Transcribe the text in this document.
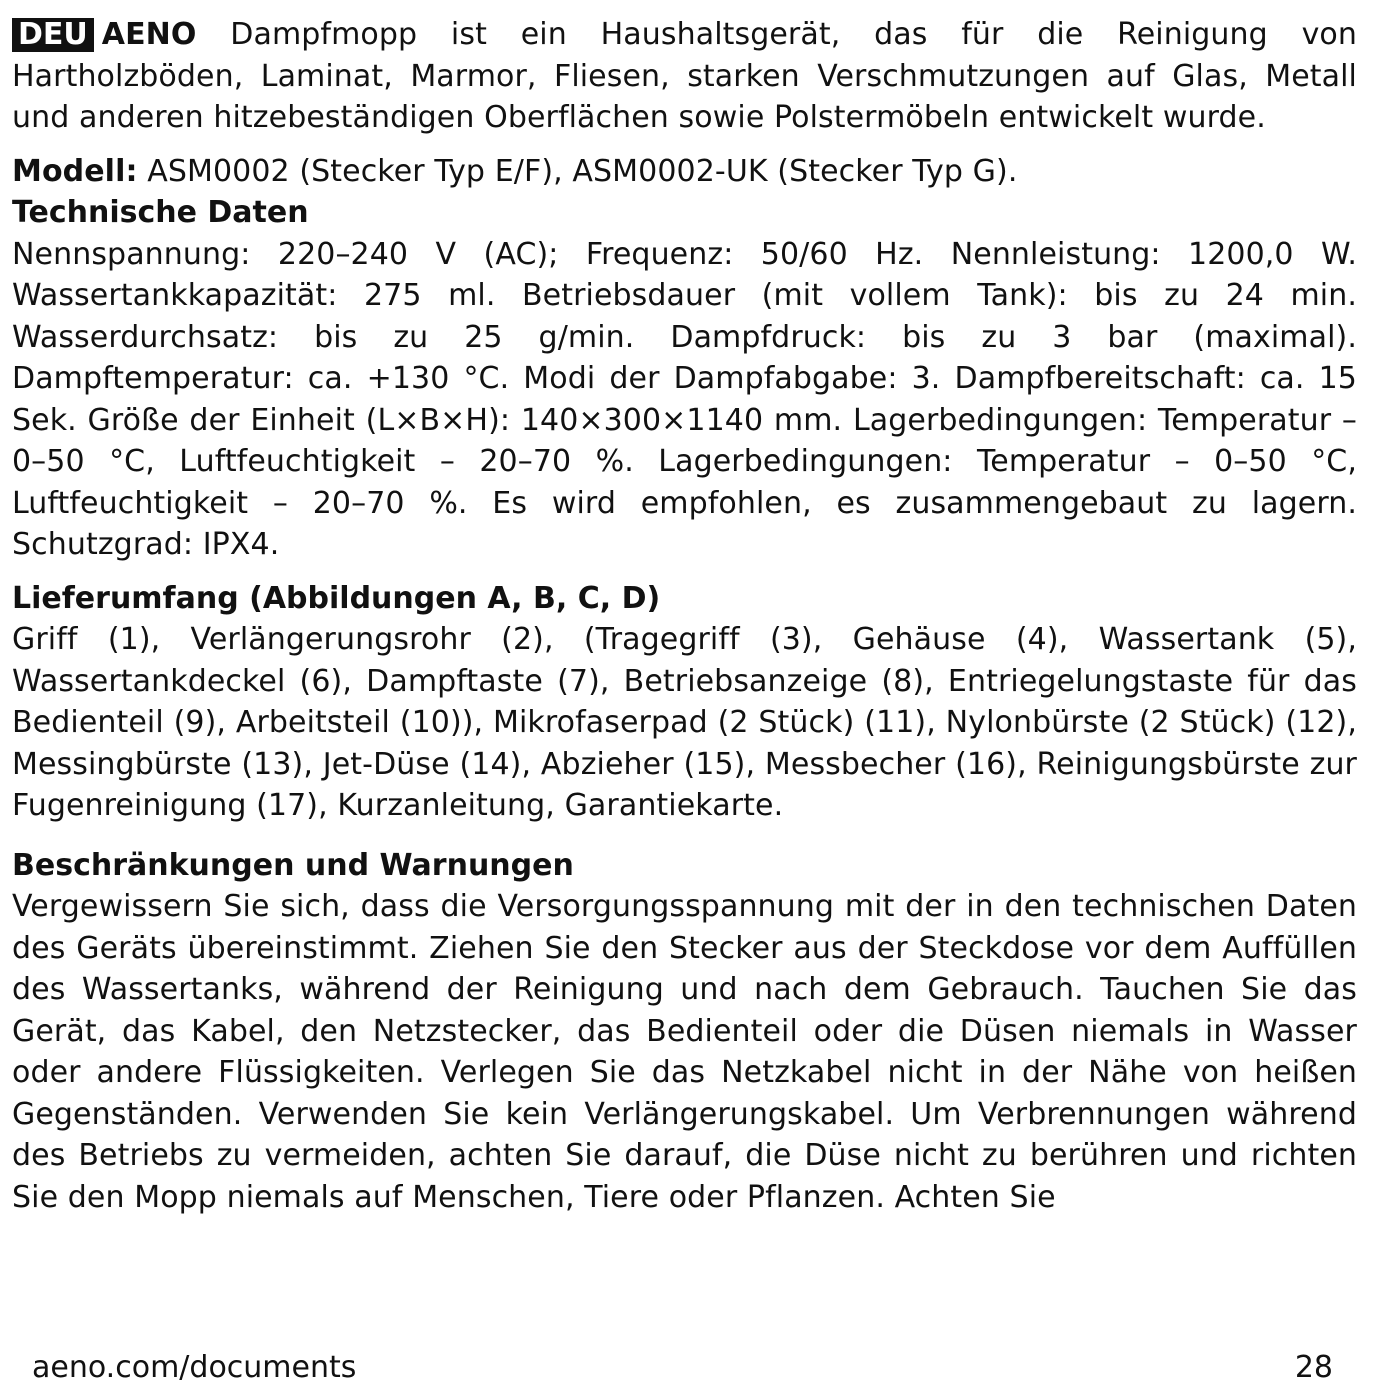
DEU AENO Dampfmopp ist ein Haushaltsgerät, das für die Reinigung von Hartholzböden, Laminat, Marmor, Fliesen, starken Verschmutzungen auf Glas, Metall und anderen hitzebeständigen Oberflächen sowie Polstermöbeln entwickelt wurde.

Modell: ASM0002 (Stecker Typ E/F), ASM0002-UK (Stecker Typ G).

Technische Daten

Nennspannung: 220–240 V (AC); Frequenz: 50/60 Hz. Nennleistung: 1200,0 W. Wassertankkapazität: 275 ml. Betriebsdauer (mit vollem Tank): bis zu 24 min. Wasserdurchsatz: bis zu 25 g/min. Dampfdruck: bis zu 3 bar (maximal). Dampftemperatur: ca. +130 °C. Modi der Dampfabgabe: 3. Dampfbereitschaft: ca. 15 Sek. Größe der Einheit (L×B×H): 140×300×1140 mm. Lagerbedingungen: Temperatur – 0–50 °C, Luftfeuchtigkeit – 20–70 %. Lagerbedingungen: Temperatur – 0–50 °C, Luftfeuchtigkeit – 20–70 %. Es wird empfohlen, es zusammengebaut zu lagern. Schutzgrad: IPX4.

Lieferumfang (Abbildungen A, B, C, D)

Griff (1), Verlängerungsrohr (2), (Tragegriff (3), Gehäuse (4), Wassertank (5), Wassertankdeckel (6), Dampftaste (7), Betriebsanzeige (8), Entriegelungstaste für das Bedienteil (9), Arbeitsteil (10)), Mikrofaserpad (2 Stück) (11), Nylonbürste (2 Stück) (12), Messingbürste (13), Jet-Düse (14), Abzieher (15), Messbecher (16), Reinigungsbürste zur Fugenreinigung (17), Kurzanleitung, Garantiekarte.

Beschränkungen und Warnungen

Vergewissern Sie sich, dass die Versorgungsspannung mit der in den technischen Daten des Geräts übereinstimmt. Ziehen Sie den Stecker aus der Steckdose vor dem Auffüllen des Wassertanks, während der Reinigung und nach dem Gebrauch. Tauchen Sie das Gerät, das Kabel, den Netzstecker, das Bedienteil oder die Düsen niemals in Wasser oder andere Flüssigkeiten. Verlegen Sie das Netzkabel nicht in der Nähe von heißen Gegenständen. Verwenden Sie kein Verlängerungskabel. Um Verbrennungen während des Betriebs zu vermeiden, achten Sie darauf, die Düse nicht zu berühren und richten Sie den Mopp niemals auf Menschen, Tiere oder Pflanzen. Achten Sie

aeno.com/documents	28
